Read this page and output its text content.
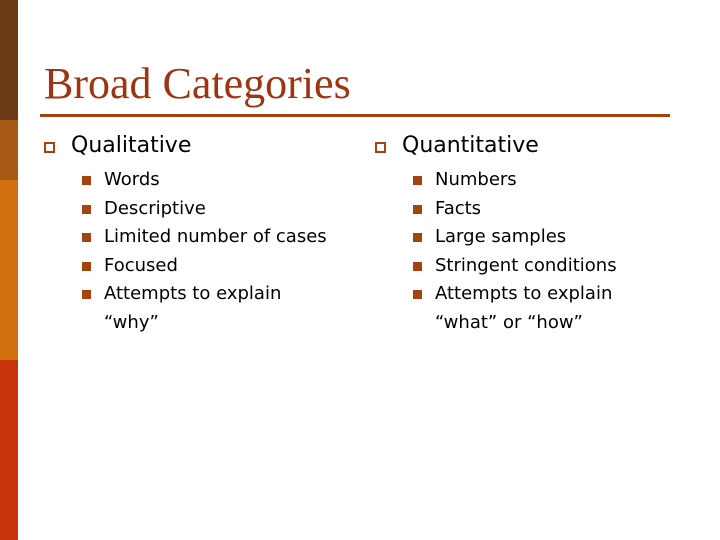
Broad Categories
Qualitative
Words
Descriptive
Limited number of cases
Focused
Attempts to explain
“why”
Quantitative
Numbers
Facts
Large samples
Stringent conditions
Attempts to explain
“what” or “how”
